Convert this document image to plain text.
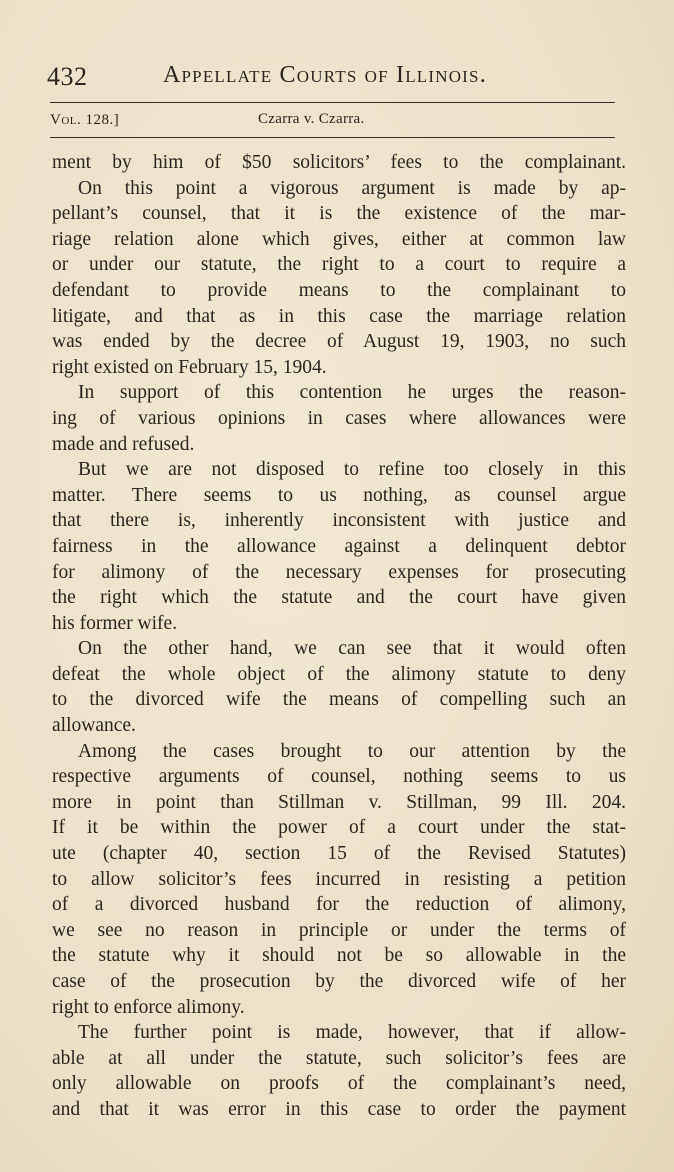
432	Appellate Courts of Illinois.
Vol. 128.]	Czarra v. Czarra.
ment by him of $50 solicitors’ fees to the complainant.
On this point a vigorous argument is made by ap-
pellant’s counsel, that it is the existence of the mar-
riage relation alone which gives, either at common law
or under our statute, the right to a court to require a
defendant to provide means to the complainant to
litigate, and that as in this case the marriage relation
was ended by the decree of August 19, 1903, no such
right existed on February 15, 1904.
In support of this contention he urges the reason-
ing of various opinions in cases where allowances were
made and refused.
But we are not disposed to refine too closely in this
matter. There seems to us nothing, as counsel argue
that there is, inherently inconsistent with justice and
fairness in the allowance against a delinquent debtor
for alimony of the necessary expenses for prosecuting
the right which the statute and the court have given
his former wife.
On the other hand, we can see that it would often
defeat the whole object of the alimony statute to deny
to the divorced wife the means of compelling such an
allowance.
Among the cases brought to our attention by the
respective arguments of counsel, nothing seems to us
more in point than Stillman v. Stillman, 99 Ill. 204.
If it be within the power of a court under the stat-
ute (chapter 40, section 15 of the Revised Statutes)
to allow solicitor’s fees incurred in resisting a petition
of a divorced husband for the reduction of alimony,
we see no reason in principle or under the terms of
the statute why it should not be so allowable in the
case of the prosecution by the divorced wife of her
right to enforce alimony.
The further point is made, however, that if allow-
able at all under the statute, such solicitor’s fees are
only allowable on proofs of the complainant’s need,
and that it was error in this case to order the payment
